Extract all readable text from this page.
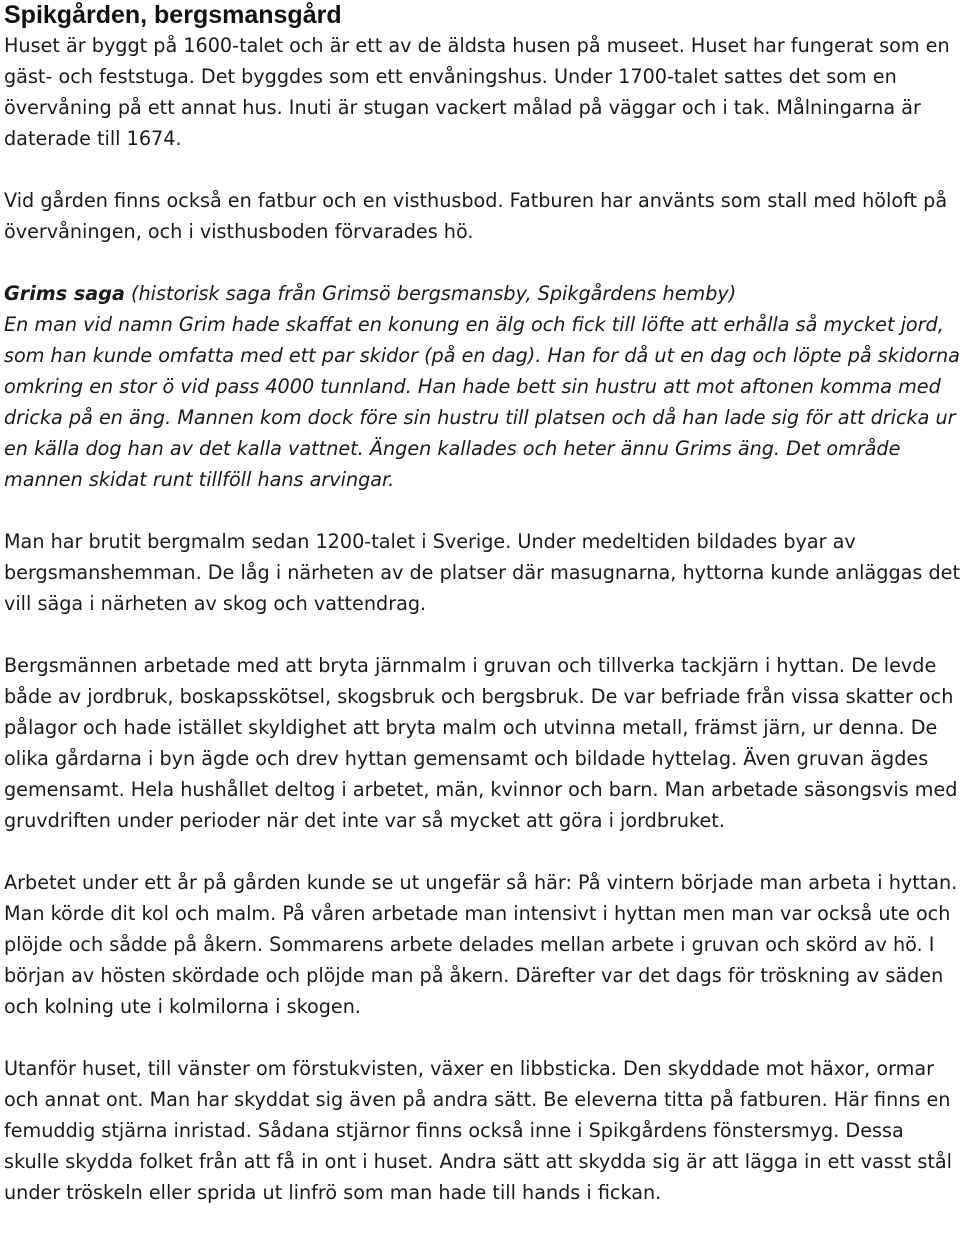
Spikgården, bergsmansgård

Huset är byggt på 1600-talet och är ett av de äldsta husen på museet. Huset har fungerat som en gäst- och feststuga. Det byggdes som ett envåningshus. Under 1700-talet sattes det som en övervåning på ett annat hus. Inuti är stugan vackert målad på väggar och i tak. Målningarna är daterade till 1674.

Vid gården finns också en fatbur och en visthusbod. Fatburen har använts som stall med höloft på övervåningen, och i visthusboden förvarades hö.

Grims saga (historisk saga från Grimsö bergsmansby, Spikgårdens hemby)
En man vid namn Grim hade skaffat en konung en älg och fick till löfte att erhålla så mycket jord, som han kunde omfatta med ett par skidor (på en dag). Han for då ut en dag och löpte på skidorna omkring en stor ö vid pass 4000 tunnland. Han hade bett sin hustru att mot aftonen komma med dricka på en äng. Mannen kom dock före sin hustru till platsen och då han lade sig för att dricka ur en källa dog han av det kalla vattnet. Ängen kallades och heter ännu Grims äng. Det område mannen skidat runt tillföll hans arvingar.

Man har brutit bergmalm sedan 1200-talet i Sverige. Under medeltiden bildades byar av bergsmanshemman. De låg i närheten av de platser där masugnarna, hyttorna kunde anläggas det vill säga i närheten av skog och vattendrag.

Bergsmännen arbetade med att bryta järnmalm i gruvan och tillverka tackjärn i hyttan. De levde både av jordbruk, boskapsskötsel, skogsbruk och bergsbruk. De var befriade från vissa skatter och pålagor och hade istället skyldighet att bryta malm och utvinna metall, främst järn, ur denna. De olika gårdarna i byn ägde och drev hyttan gemensamt och bildade hyttelag. Även gruvan ägdes gemensamt. Hela hushållet deltog i arbetet, män, kvinnor och barn. Man arbetade säsongsvis med gruvdriften under perioder när det inte var så mycket att göra i jordbruket.

Arbetet under ett år på gården kunde se ut ungefär så här: På vintern började man arbeta i hyttan. Man körde dit kol och malm. På våren arbetade man intensivt i hyttan men man var också ute och plöjde och sådde på åkern. Sommarens arbete delades mellan arbete i gruvan och skörd av hö. I början av hösten skördade och plöjde man på åkern. Därefter var det dags för tröskning av säden och kolning ute i kolmilorna i skogen.

Utanför huset, till vänster om förstukvisten, växer en libbsticka. Den skyddade mot häxor, ormar och annat ont. Man har skyddat sig även på andra sätt. Be eleverna titta på fatburen. Här finns en femuddig stjärna inristad. Sådana stjärnor finns också inne i Spikgårdens fönstersmyg. Dessa skulle skydda folket från att få in ont i huset. Andra sätt att skydda sig är att lägga in ett vasst stål under tröskeln eller sprida ut linfrö som man hade till hands i fickan.
